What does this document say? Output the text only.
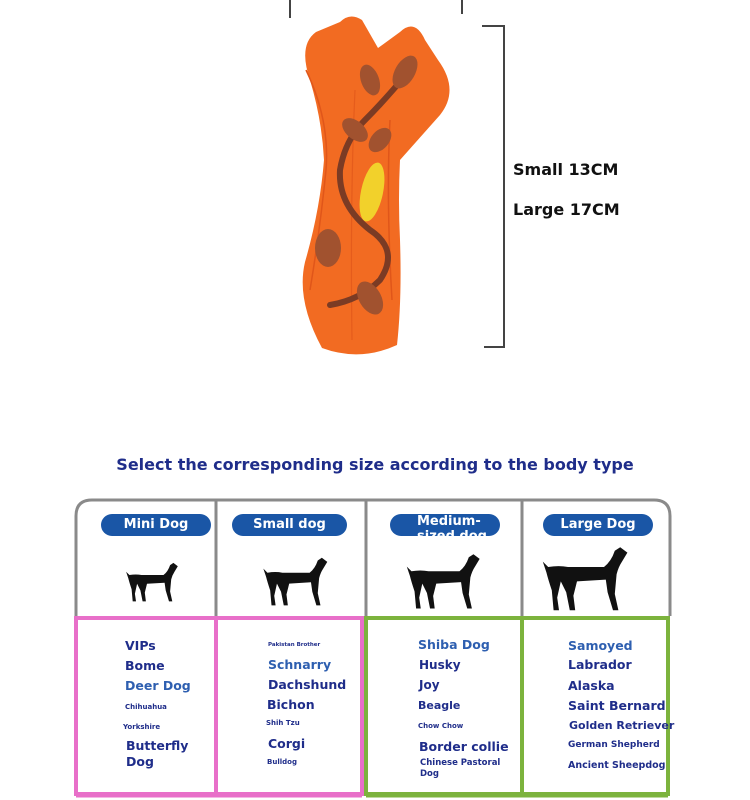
Small 13CM
Large 17CM
Select the corresponding size according to the body type
Mini Dog	Small dog	Medium-sized dog
Large Dog
VIPs
Bome
Deer Dog
Chihuahua
Yorkshire
Butterfly
Dog
Pakistan Brother
Schnarry
Dachshund
Bichon
Shih Tzu
Corgi
Bulldog
Shiba Dog
Husky
Joy
Beagle
Chow Chow
Border collie
Chinese Pastoral
Dog
Samoyed
Labrador
Alaska
Saint Bernard
Golden Retriever
German Shepherd
Ancient Sheepdog
